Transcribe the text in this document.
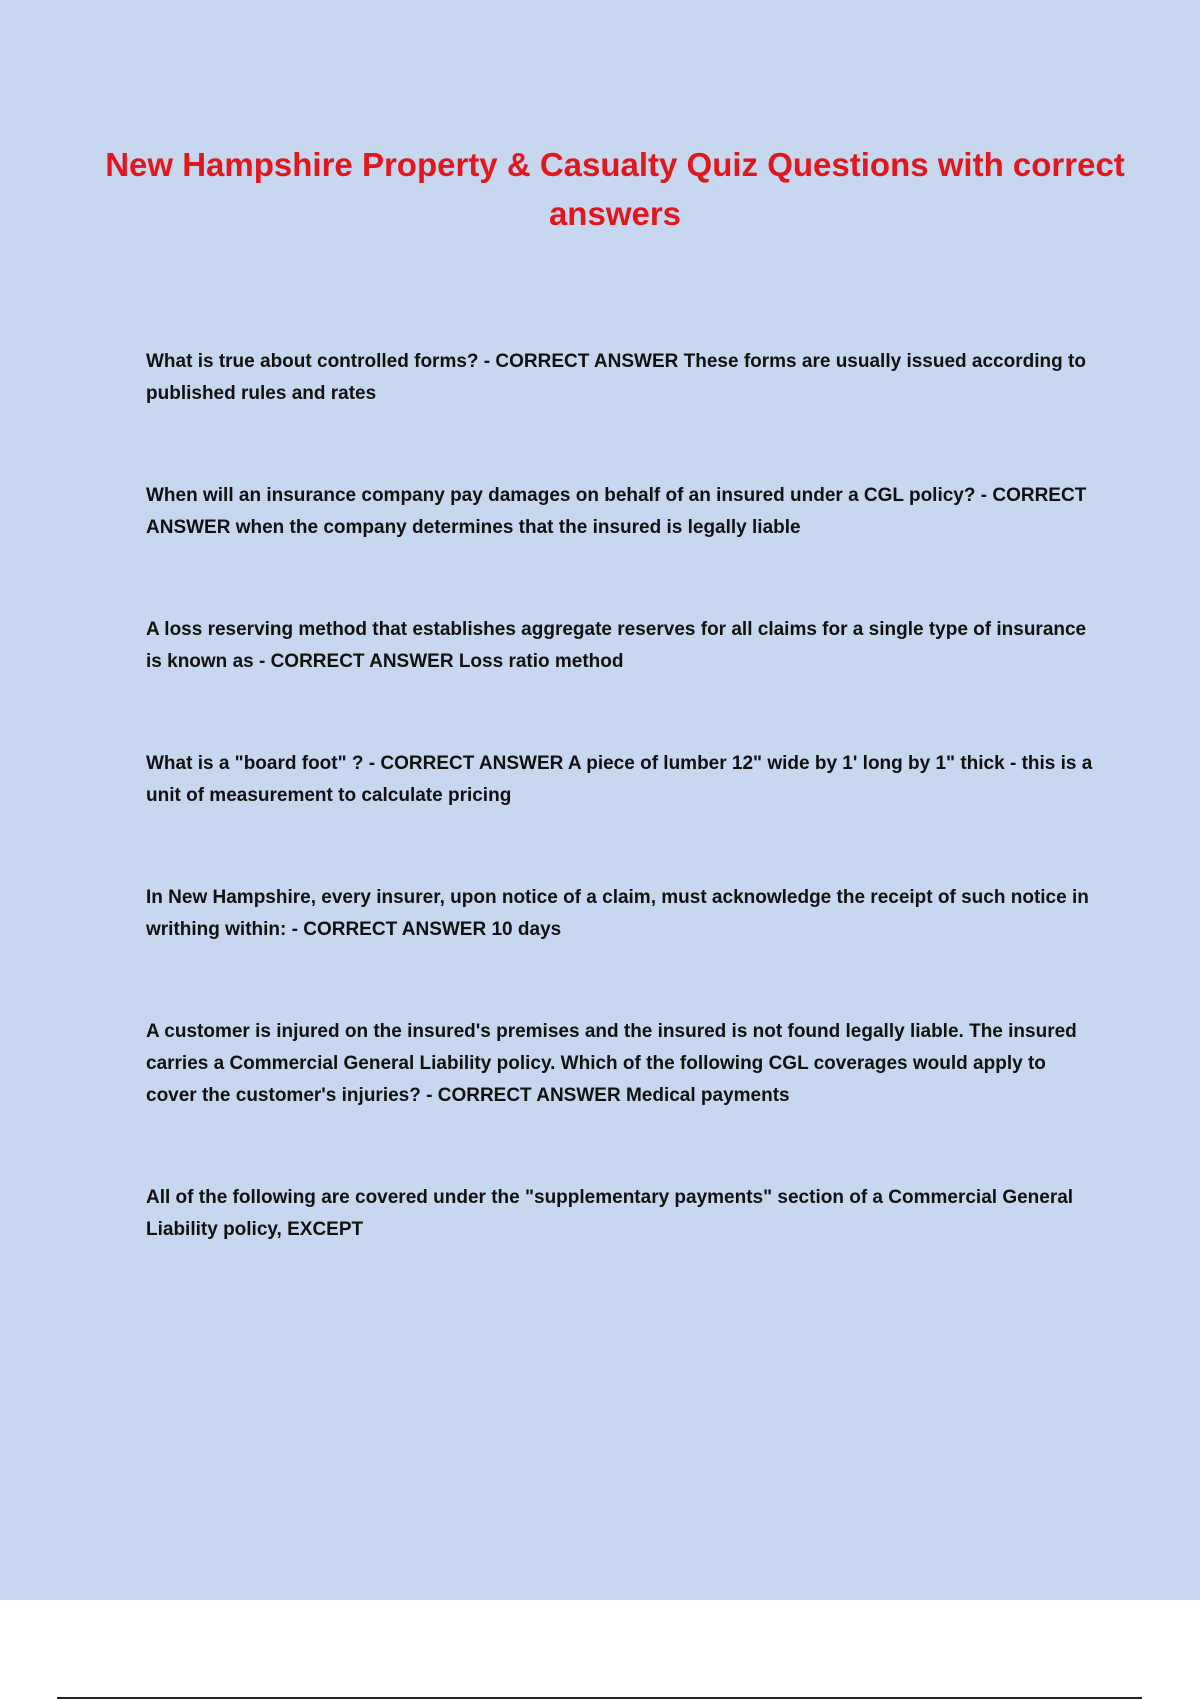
New Hampshire Property & Casualty Quiz Questions with correct answers
What is true about controlled forms? - CORRECT ANSWER These forms are usually issued according to published rules and rates
When will an insurance company pay damages on behalf of an insured under a CGL policy? - CORRECT ANSWER when the company determines that the insured is legally liable
A loss reserving method that establishes aggregate reserves for all claims for a single type of insurance is known as - CORRECT ANSWER Loss ratio method
What is a "board foot" ? - CORRECT ANSWER A piece of lumber 12" wide by 1' long by 1" thick - this is a unit of measurement to calculate pricing
In New Hampshire, every insurer, upon notice of a claim, must acknowledge the receipt of such notice in writhing within: - CORRECT ANSWER 10 days
A customer is injured on the insured's premises and the insured is not found legally liable. The insured carries a Commercial General Liability policy. Which of the following CGL coverages would apply to cover the customer's injuries? - CORRECT ANSWER Medical payments
All of the following are covered under the "supplementary payments" section of a Commercial General Liability policy, EXCEPT
